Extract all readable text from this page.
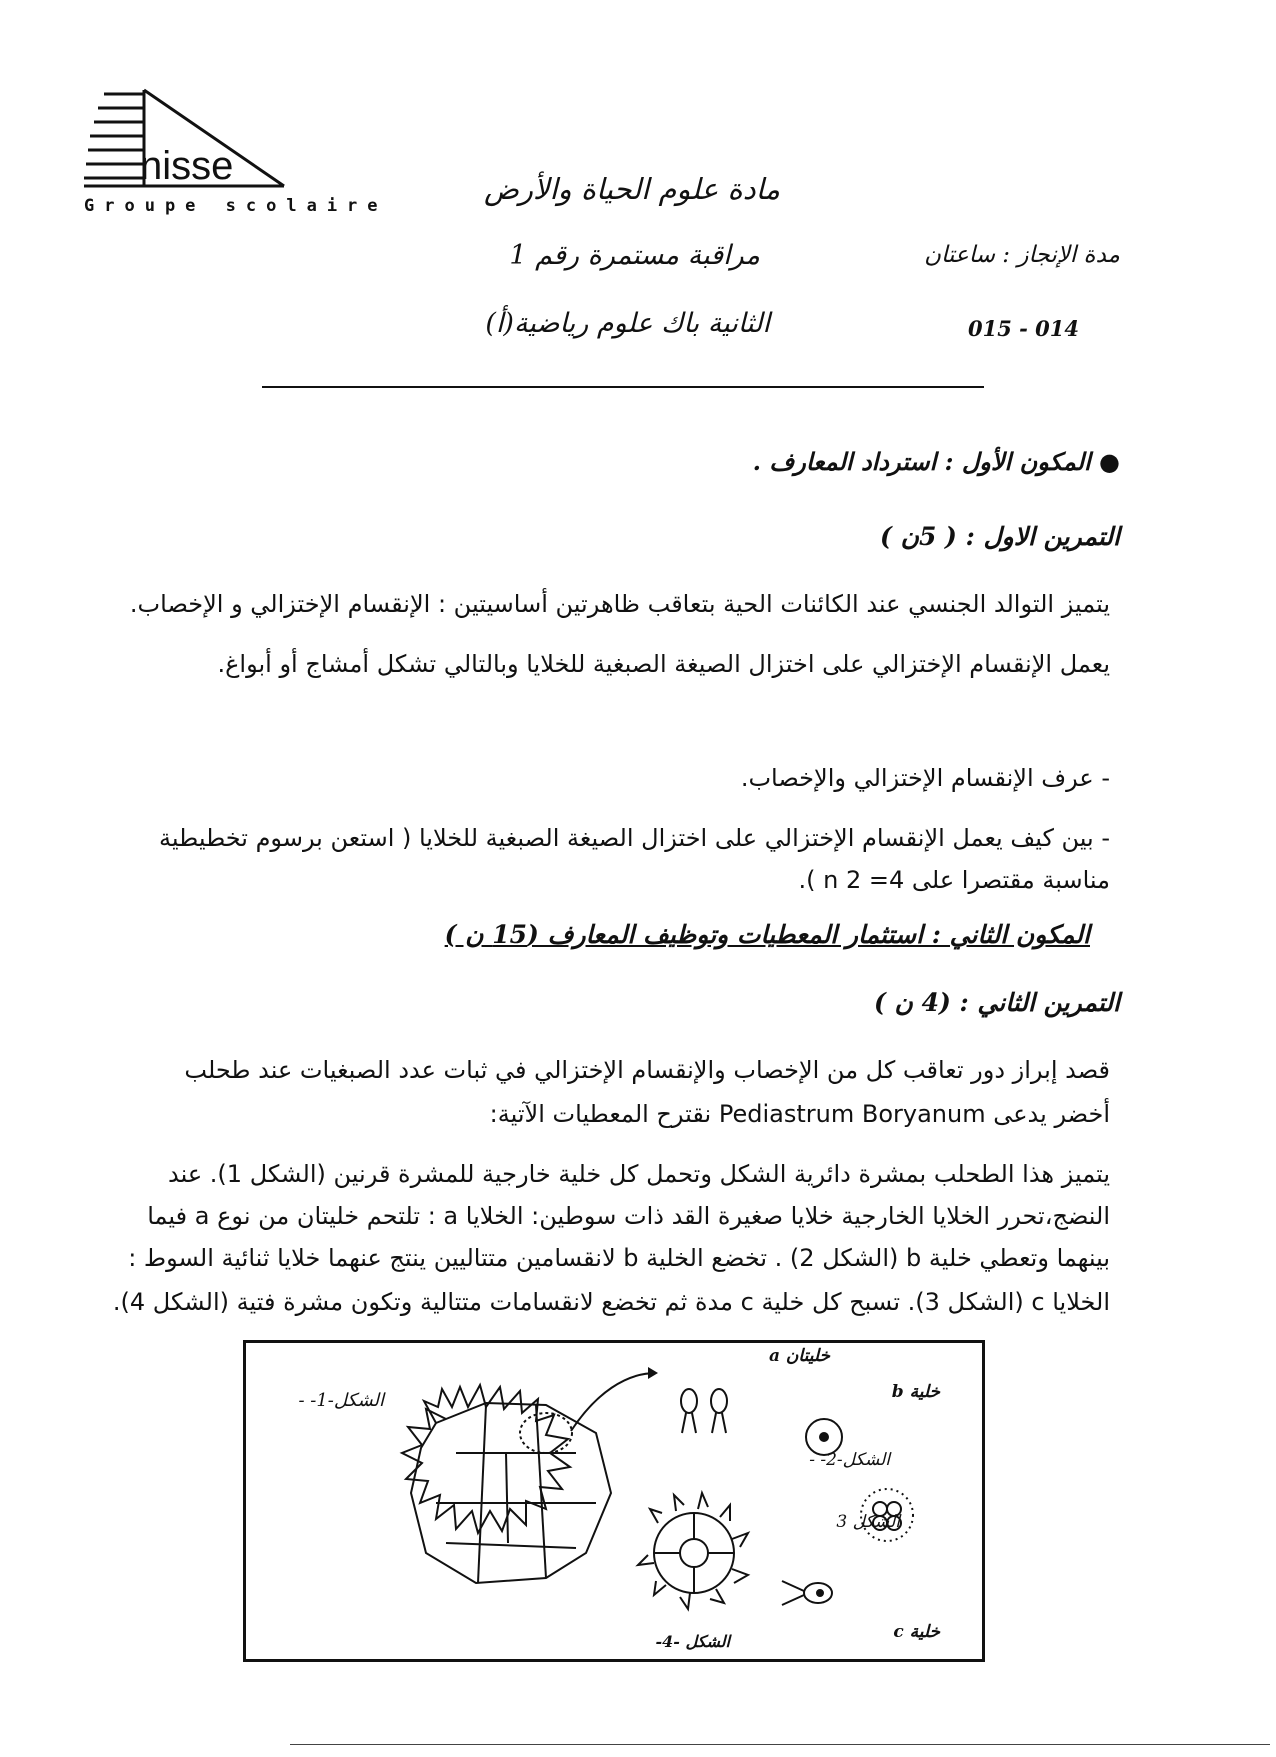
nisse
Groupe scolaire	مادة علوم الحياة والأرض
مراقبة مستمرة رقم 1
الثانية باك علوم رياضية(أ)
مدة الإنجاز : ساعتان
015 - 014
● المكون الأول : استرداد المعارف .
التمرين الاول : ( 5ن )
يتميز التوالد الجنسي عند الكائنات الحية بتعاقب ظاهرتين أساسيتين : الإنقسام الإختزالي و الإخصاب.
يعمل الإنقسام الإختزالي على اختزال الصيغة الصبغية للخلايا وبالتالي تشكل أمشاج أو أبواغ.
- عرف الإنقسام الإختزالي والإخصاب.
- بين كيف يعمل الإنقسام الإختزالي على اختزال الصيغة الصبغية للخلايا ( استعن برسوم تخطيطية
مناسبة مقتصرا على 4= 2 n ).
المكون الثاني : استثمار المعطيات وتوظيف المعارف (15 ن )
التمرين الثاني : (4 ن )
قصد إبراز دور تعاقب كل من الإخصاب والإنقسام الإختزالي في ثبات عدد الصبغيات عند طحلب
أخضر يدعى Pediastrum Boryanum نقترح المعطيات الآتية:
يتميز هذا الطحلب بمشرة دائرية الشكل وتحمل كل خلية خارجية للمشرة قرنين (الشكل 1). عند
النضج،تحرر الخلايا الخارجية خلايا صغيرة القد ذات سوطين: الخلايا a : تلتحم خليتان من نوع a فيما
بينهما وتعطي خلية b (الشكل 2) . تخضع الخلية b لانقسامين متتاليين ينتج عنهما خلايا ثنائية السوط :
الخلايا c (الشكل 3). تسبح كل خلية c مدة ثم تخضع لانقسامات متتالية وتكون مشرة فتية (الشكل 4).
الشكل-1- -
خليتان a
خلية b
الشكل-2- -
الشكل 3
الشكل -4-	خلية c
